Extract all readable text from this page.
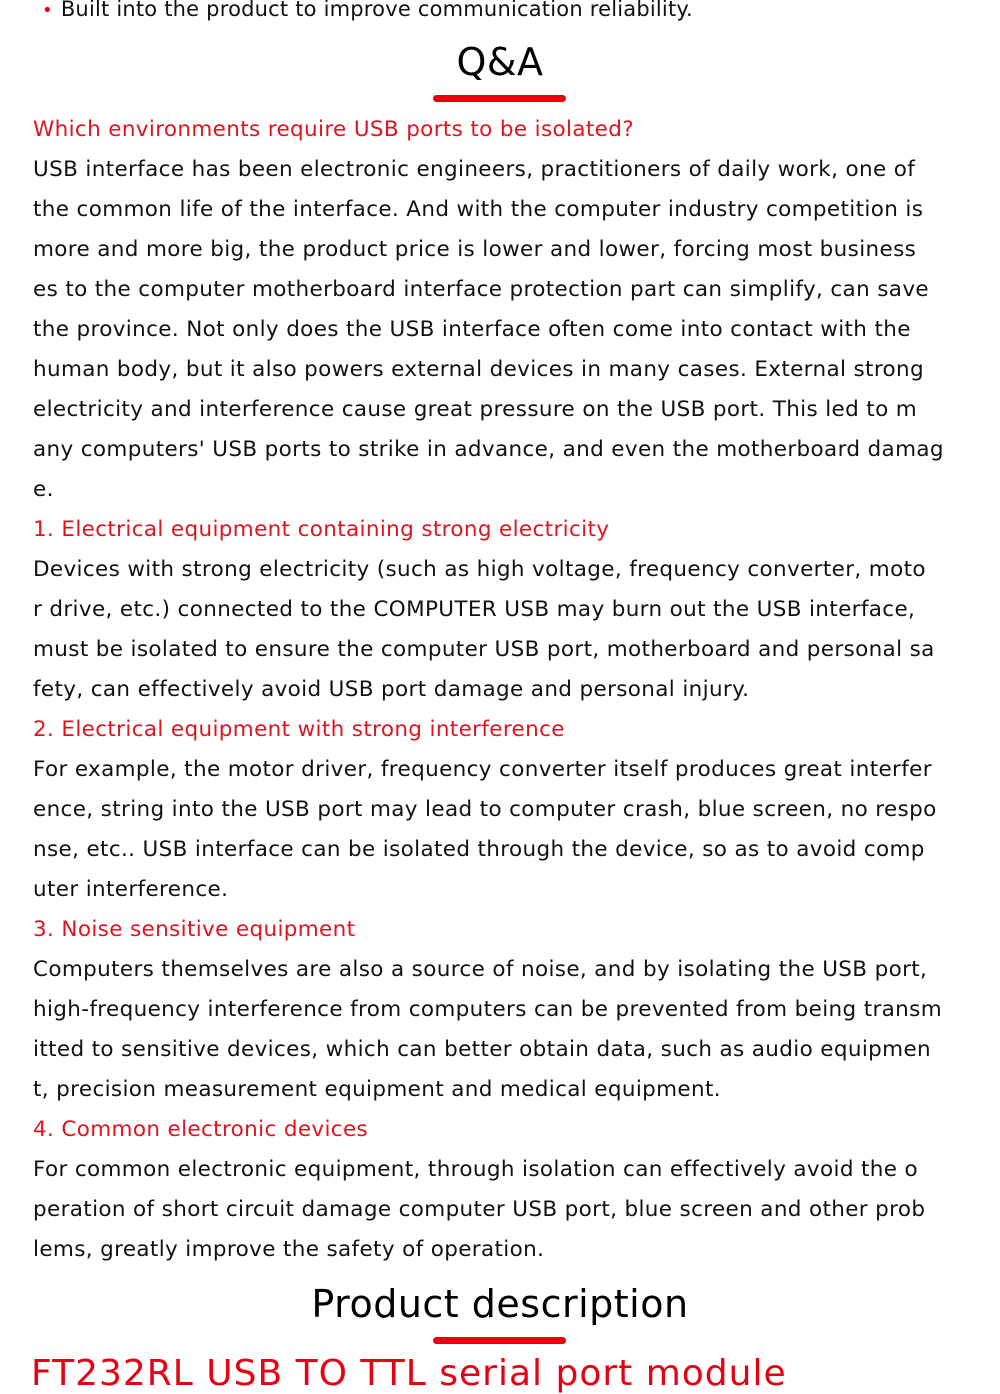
• Built into the product to improve communication reliability.
Q&A
Which environments require USB ports to be isolated?
USB interface has been electronic engineers, practitioners of daily work, one of
the common life of the interface. And with the computer industry competition is
more and more big, the product price is lower and lower, forcing most business
es to the computer motherboard interface protection part can simplify, can save
the province. Not only does the USB interface often come into contact with the
human body, but it also powers external devices in many cases. External strong
electricity and interference cause great pressure on the USB port. This led to m
any computers' USB ports to strike in advance, and even the motherboard damag
e.
1. Electrical equipment containing strong electricity
Devices with strong electricity (such as high voltage, frequency converter, moto
r drive, etc.) connected to the COMPUTER USB may burn out the USB interface,
must be isolated to ensure the computer USB port, motherboard and personal sa
fety, can effectively avoid USB port damage and personal injury.
2. Electrical equipment with strong interference
For example, the motor driver, frequency converter itself produces great interfer
ence, string into the USB port may lead to computer crash, blue screen, no respo
nse, etc.. USB interface can be isolated through the device, so as to avoid comp
uter interference.
3. Noise sensitive equipment
Computers themselves are also a source of noise, and by isolating the USB port,
high-frequency interference from computers can be prevented from being transm
itted to sensitive devices, which can better obtain data, such as audio equipmen
t, precision measurement equipment and medical equipment.
4. Common electronic devices
For common electronic equipment, through isolation can effectively avoid the o
peration of short circuit damage computer USB port, blue screen and other prob
lems, greatly improve the safety of operation.
Product description
FT232RL USB TO TTL serial port module
